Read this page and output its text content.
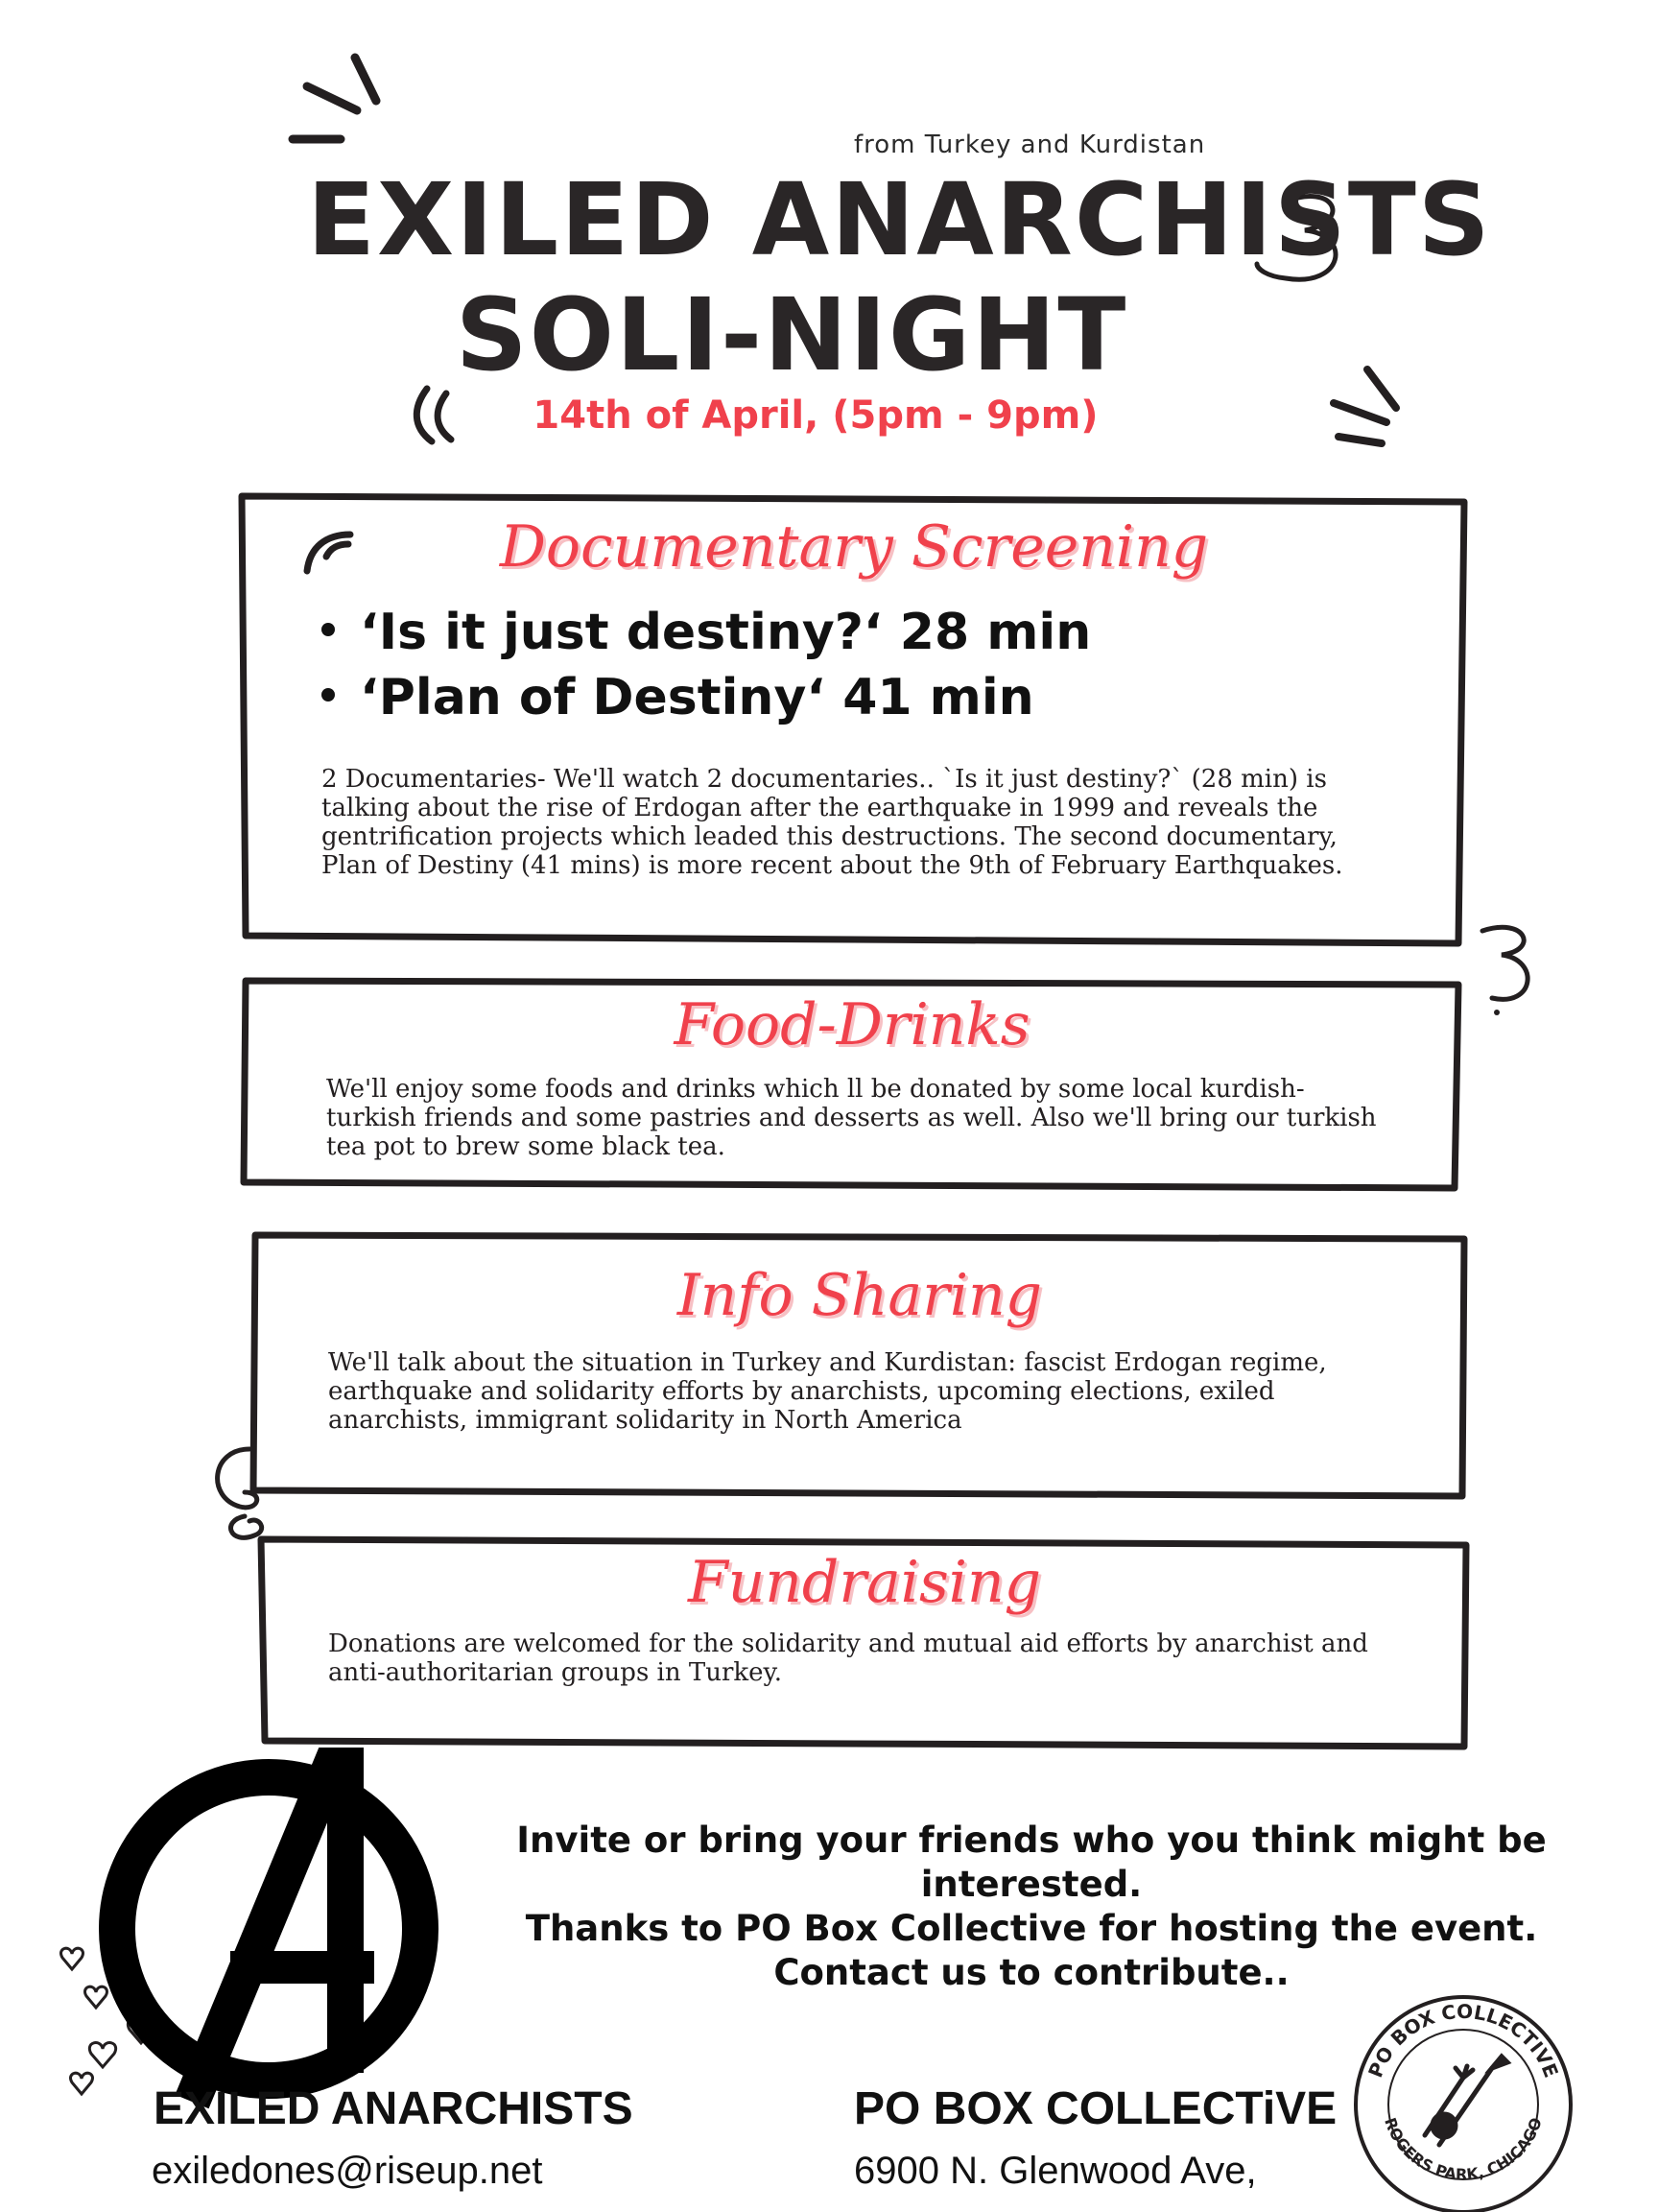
from Turkey and Kurdistan
EXILED ANARCHISTS
SOLI-NIGHT
14th of April, (5pm - 9pm)
Documentary Screening
‘Is it just destiny?‘ 28 min
‘Plan of Destiny‘ 41 min
2 Documentaries- We'll watch 2 documentaries.. `Is it just destiny?` (28 min) is talking about the rise of Erdogan after the earthquake in 1999 and reveals the gentrification projects which leaded this destructions. The second documentary, Plan of Destiny (41 mins) is more recent about the 9th of February Earthquakes.
Food-Drinks
We'll enjoy some foods and drinks which ll be donated by some local kurdish-turkish friends and some pastries and desserts as well. Also we'll bring our turkish tea pot to brew some black tea.
Info Sharing
We'll talk about the situation in Turkey and Kurdistan: fascist Erdogan regime, earthquake and solidarity efforts by anarchists, upcoming elections, exiled anarchists, immigrant solidarity in North America
Fundraising
Donations are welcomed for the solidarity and mutual aid efforts by anarchist and anti-authoritarian groups in Turkey.
Invite or bring your friends who you think might be
interested.
Thanks to PO Box Collective for hosting the event.
Contact us to contribute..
EXILED ANARCHISTS
exiledones@riseup.net
PO BOX COLLECTiVE
6900 N. Glenwood Ave,
PO BOX COLLECTIVE
ROGERS PARK, CHICAGO
